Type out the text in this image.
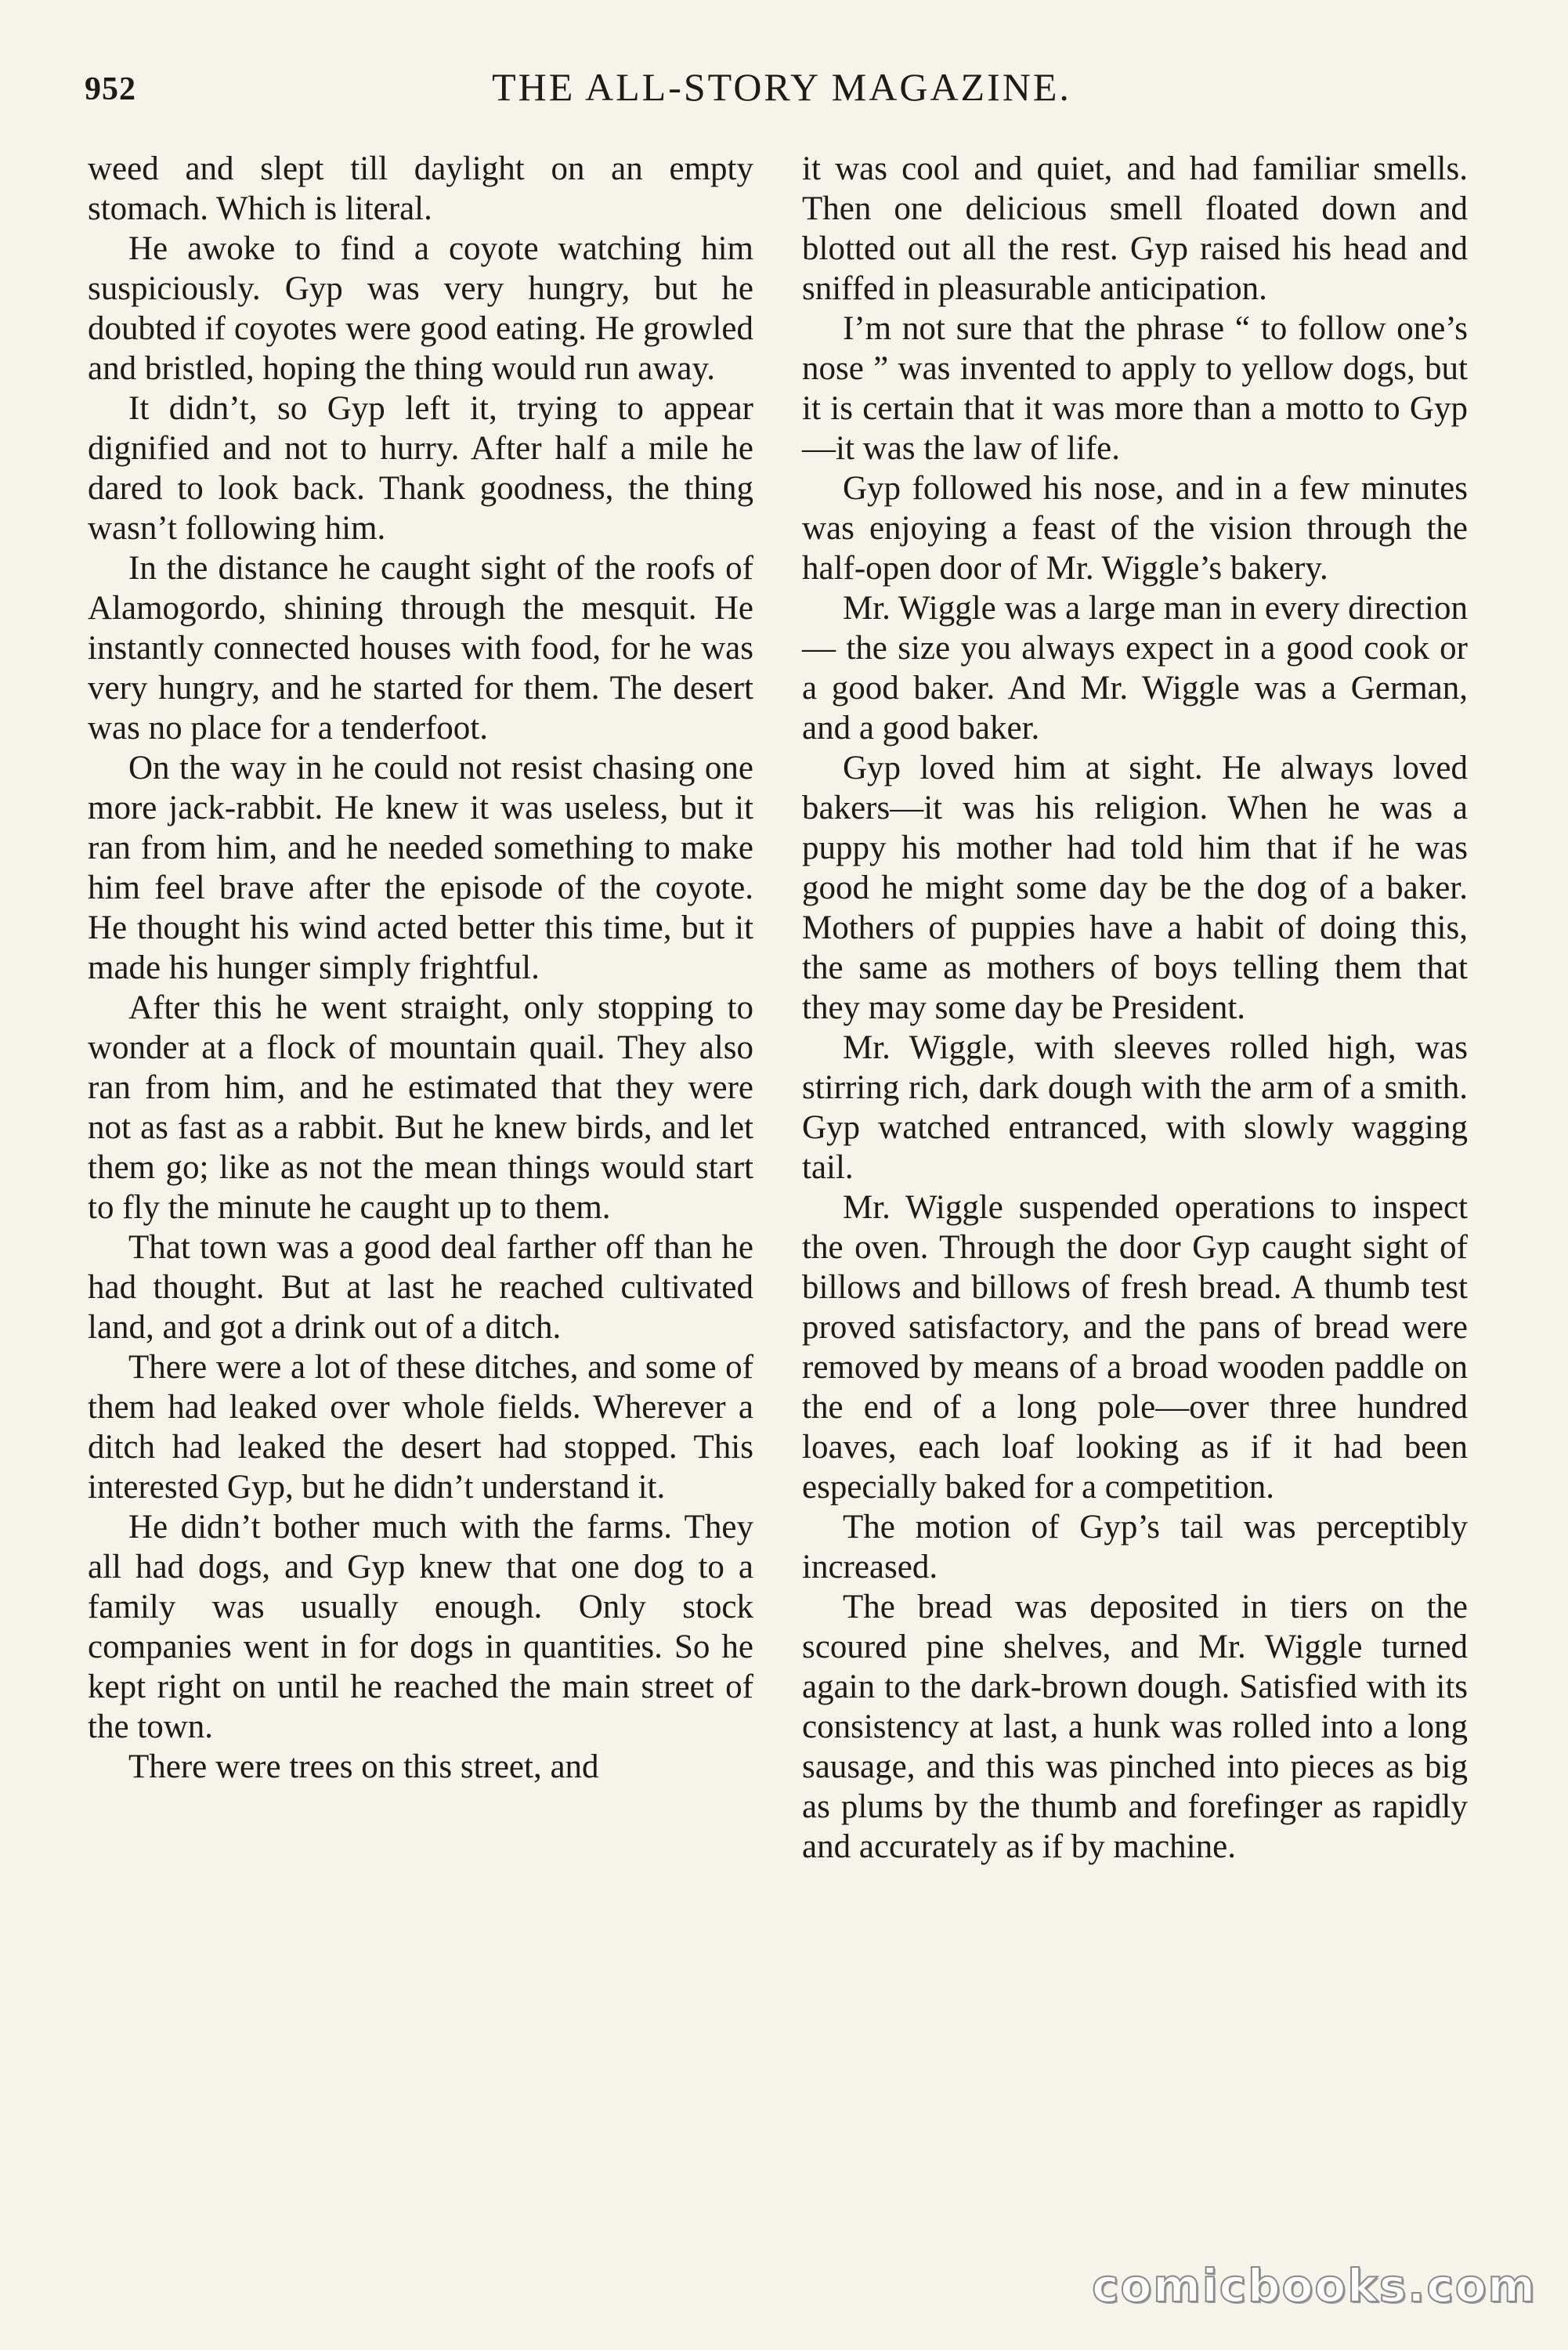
952	THE ALL-STORY MAGAZINE.

weed and slept till daylight on an empty stomach. Which is literal.

He awoke to find a coyote watching him suspiciously. Gyp was very hungry, but he doubted if coyotes were good eating. He growled and bristled, hoping the thing would run away.

It didn’t, so Gyp left it, trying to appear dignified and not to hurry. After half a mile he dared to look back. Thank goodness, the thing wasn’t following him.

In the distance he caught sight of the roofs of Alamogordo, shining through the mesquit. He instantly connected houses with food, for he was very hungry, and he started for them. The desert was no place for a tenderfoot.

On the way in he could not resist chasing one more jack-rabbit. He knew it was useless, but it ran from him, and he needed something to make him feel brave after the episode of the coyote. He thought his wind acted better this time, but it made his hunger simply frightful.

After this he went straight, only stopping to wonder at a flock of mountain quail. They also ran from him, and he estimated that they were not as fast as a rabbit. But he knew birds, and let them go; like as not the mean things would start to fly the minute he caught up to them.

That town was a good deal farther off than he had thought. But at last he reached cultivated land, and got a drink out of a ditch.

There were a lot of these ditches, and some of them had leaked over whole fields. Wherever a ditch had leaked the desert had stopped. This interested Gyp, but he didn’t understand it.

He didn’t bother much with the farms. They all had dogs, and Gyp knew that one dog to a family was usually enough. Only stock companies went in for dogs in quantities. So he kept right on until he reached the main street of the town.

There were trees on this street, and

it was cool and quiet, and had familiar smells. Then one delicious smell floated down and blotted out all the rest. Gyp raised his head and sniffed in pleasurable anticipation.

I’m not sure that the phrase “ to follow one’s nose ” was invented to apply to yellow dogs, but it is certain that it was more than a motto to Gyp —it was the law of life.

Gyp followed his nose, and in a few minutes was enjoying a feast of the vision through the half-open door of Mr. Wiggle’s bakery.

Mr. Wiggle was a large man in every direction — the size you always expect in a good cook or a good baker. And Mr. Wiggle was a German, and a good baker.

Gyp loved him at sight. He always loved bakers—it was his religion. When he was a puppy his mother had told him that if he was good he might some day be the dog of a baker. Mothers of puppies have a habit of doing this, the same as mothers of boys telling them that they may some day be President.

Mr. Wiggle, with sleeves rolled high, was stirring rich, dark dough with the arm of a smith. Gyp watched entranced, with slowly wagging tail.

Mr. Wiggle suspended operations to inspect the oven. Through the door Gyp caught sight of billows and billows of fresh bread. A thumb test proved satisfactory, and the pans of bread were removed by means of a broad wooden paddle on the end of a long pole—over three hundred loaves, each loaf looking as if it had been especially baked for a competition.

The motion of Gyp’s tail was perceptibly increased.

The bread was deposited in tiers on the scoured pine shelves, and Mr. Wiggle turned again to the dark-brown dough. Satisfied with its consistency at last, a hunk was rolled into a long sausage, and this was pinched into pieces as big as plums by the thumb and forefinger as rapidly and accurately as if by machine.

comicbooks.com
